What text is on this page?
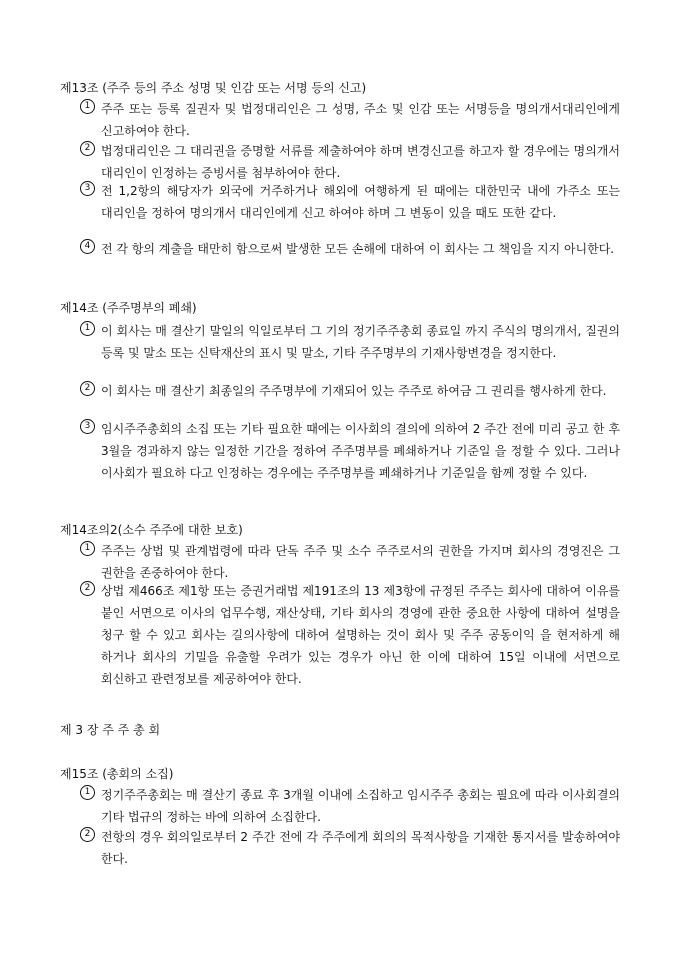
제13조 (주주 등의 주소 성명 및 인감 또는 서명 등의 신고)
1 주주 또는 등록 질권자 및 법정대리인은 그 성명, 주소 및 인감 또는 서명등을 명의개서대리인에게 신고하여야 한다.
2 법정대리인은 그 대리권을 증명할 서류를 제출하여야 하며 변경신고를 하고자 할 경우에는 명의개서 대리인이 인정하는 증빙서를 첨부하여야 한다.
3 전 1,2항의 해당자가 외국에 거주하거나 해외에 여행하게 된 때에는 대한민국 내에 가주소 또는 대리인을 정하여 명의개서 대리인에게 신고 하여야 하며 그 변동이 있을 때도 또한 같다.
4 전 각 항의 계출을 태만히 함으로써 발생한 모든 손해에 대하여 이 회사는 그 책임을 지지 아니한다.
제14조 (주주명부의 폐쇄)
1 이 회사는 매 결산기 말일의 익일로부터 그 기의 정기주주총회 종료일 까지 주식의 명의개서, 질권의 등록 및 말소 또는 신탁재산의 표시 및 말소, 기타 주주명부의 기재사항변경을 정지한다.
2 이 회사는 매 결산기 최종일의 주주명부에 기재되어 있는 주주로 하여금 그 권리를 행사하게 한다.
3 임시주주총회의 소집 또는 기타 필요한 때에는 이사회의 결의에 의하여 2 주간 전에 미리 공고 한 후 3월을 경과하지 않는 일정한 기간을 정하여 주주명부를 폐쇄하거나 기준일 을 정할 수 있다. 그러나 이사회가 필요하 다고 인정하는 경우에는 주주명부를 폐쇄하거나 기준일을 함께 정할 수 있다.
제14조의2(소수 주주에 대한 보호)
1 주주는 상법 및 관계법령에 따라 단독 주주 및 소수 주주로서의 권한을 가지며 회사의 경영진은 그 권한을 존중하여야 한다.
2 상법 제466조 제1항 또는 증권거래법 제191조의 13 제3항에 규정된 주주는 회사에 대하여 이유를 붙인 서면으로 이사의 업무수행, 재산상태, 기타 회사의 경영에 관한 중요한 사항에 대하여 설명을 청구 할 수 있고 회사는 길의사항에 대하여 설명하는 것이 회사 및 주주 공동이익 을 현저하게 해 하거나 회사의 기밀을 유출할 우려가 있는 경우가 아닌 한 이에 대하여 15일 이내에 서면으로 회신하고 관련정보를 제공하여야 한다.
제 3 장 주 주 총 회
제15조 (총회의 소집)
1 정기주주총회는 매 결산기 종료 후 3개월 이내에 소집하고 임시주주 총회는 필요에 따라 이사회결의 기타 법규의 정하는 바에 의하여 소집한다.
2 전항의 경우 회의일로부터 2 주간 전에 각 주주에게 회의의 목적사항을 기재한 통지서를 발송하여야 한다.
